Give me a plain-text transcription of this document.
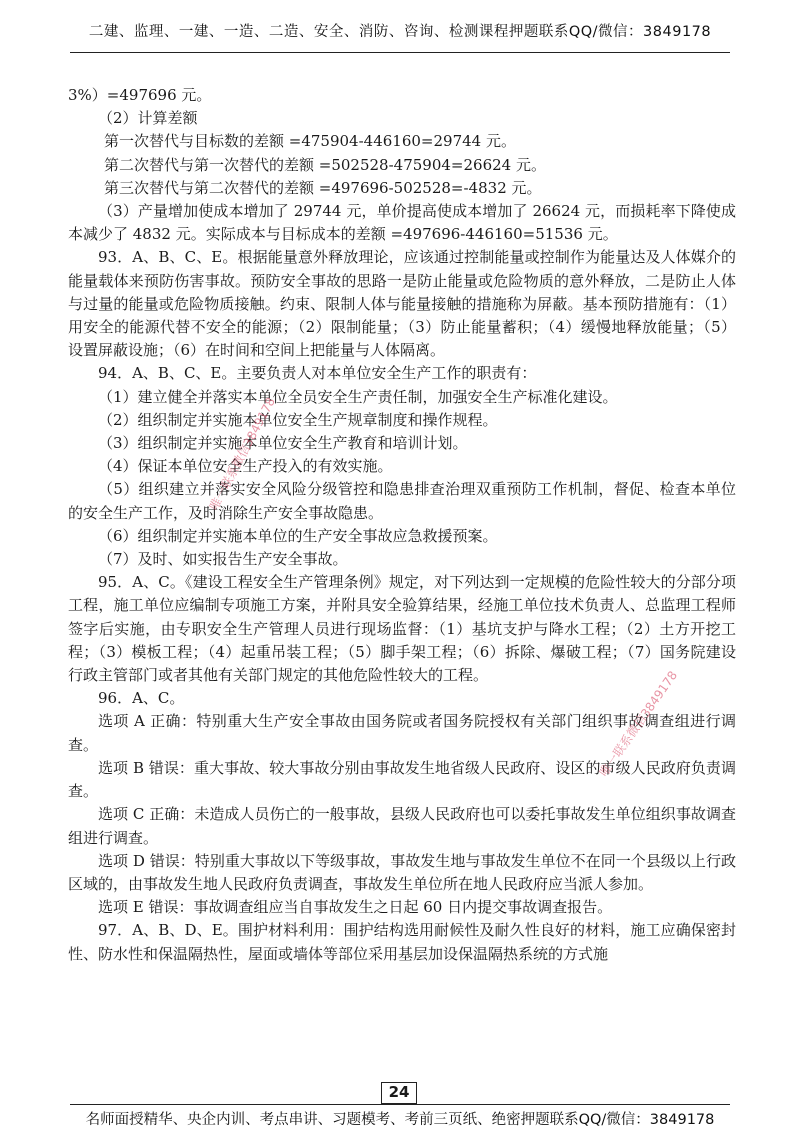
二建、监理、一建、一造、二造、安全、消防、咨询、检测课程押题联系QQ/微信：3849178

3%）=497696 元。

（2）计算差额

第一次替代与目标数的差额 =475904-446160=29744 元。

第二次替代与第一次替代的差额 =502528-475904=26624 元。

第三次替代与第二次替代的差额 =497696-502528=-4832 元。

（3）产量增加使成本增加了 29744 元，单价提高使成本增加了 26624 元，而损耗率下降使成本减少了 4832 元。实际成本与目标成本的差额 =497696-446160=51536 元。

93．A、B、C、E。根据能量意外释放理论，应该通过控制能量或控制作为能量达及人体媒介的能量载体来预防伤害事故。预防安全事故的思路一是防止能量或危险物质的意外释放，二是防止人体与过量的能量或危险物质接触。约束、限制人体与能量接触的措施称为屏蔽。基本预防措施有：（1）用安全的能源代替不安全的能源；（2）限制能量；（3）防止能量蓄积；（4）缓慢地释放能量；（5）设置屏蔽设施；（6）在时间和空间上把能量与人体隔离。

94．A、B、C、E。主要负责人对本单位安全生产工作的职责有：

（1）建立健全并落实本单位全员安全生产责任制，加强安全生产标准化建设。

（2）组织制定并实施本单位安全生产规章制度和操作规程。

（3）组织制定并实施本单位安全生产教育和培训计划。

（4）保证本单位安全生产投入的有效实施。

（5）组织建立并落实安全风险分级管控和隐患排查治理双重预防工作机制，督促、检查本单位的安全生产工作，及时消除生产安全事故隐患。

（6）组织制定并实施本单位的生产安全事故应急救援预案。

（7）及时、如实报告生产安全事故。

95．A、C。《建设工程安全生产管理条例》规定，对下列达到一定规模的危险性较大的分部分项工程，施工单位应编制专项施工方案，并附具安全验算结果，经施工单位技术负责人、总监理工程师签字后实施，由专职安全生产管理人员进行现场监督：（1）基坑支护与降水工程；（2）土方开挖工程；（3）模板工程；（4）起重吊装工程；（5）脚手架工程；（6）拆除、爆破工程；（7）国务院建设行政主管部门或者其他有关部门规定的其他危险性较大的工程。

96．A、C。

选项 A 正确：特别重大生产安全事故由国务院或者国务院授权有关部门组织事故调查组进行调查。

选项 B 错误：重大事故、较大事故分别由事故发生地省级人民政府、设区的市级人民政府负责调查。

选项 C 正确：未造成人员伤亡的一般事故，县级人民政府也可以委托事故发生单位组织事故调查组进行调查。

选项 D 错误：特别重大事故以下等级事故，事故发生地与事故发生单位不在同一个县级以上行政区域的，由事故发生地人民政府负责调查，事故发生单位所在地人民政府应当派人参加。

选项 E 错误：事故调查组应当自事故发生之日起 60 日内提交事故调查报告。

97．A、B、D、E。围护材料利用：围护结构选用耐候性及耐久性良好的材料，施工应确保密封性、防水性和保温隔热性，屋面或墙体等部位采用基层加设保温隔热系统的方式施

唯一联系微信3849178
唯一联系微信3849178
24
名师面授精华、央企内训、考点串讲、习题模考、考前三页纸、绝密押题联系QQ/微信：3849178
